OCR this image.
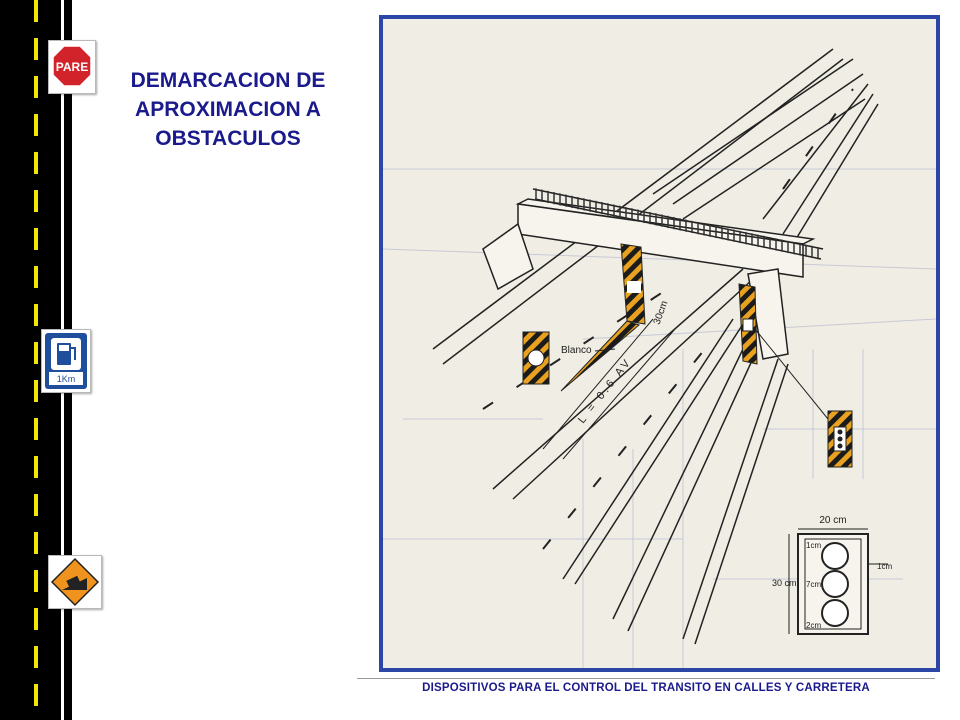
PARE
1Km
DEMARCACION DE
APROXIMACION A
OBSTACULOS
30cm
Blanco
L = 0.6 AV
20 cm
30 cm
1cm
1cm
7cm
2cm
DISPOSITIVOS PARA EL CONTROL DEL TRANSITO EN CALLES Y CARRETERA
